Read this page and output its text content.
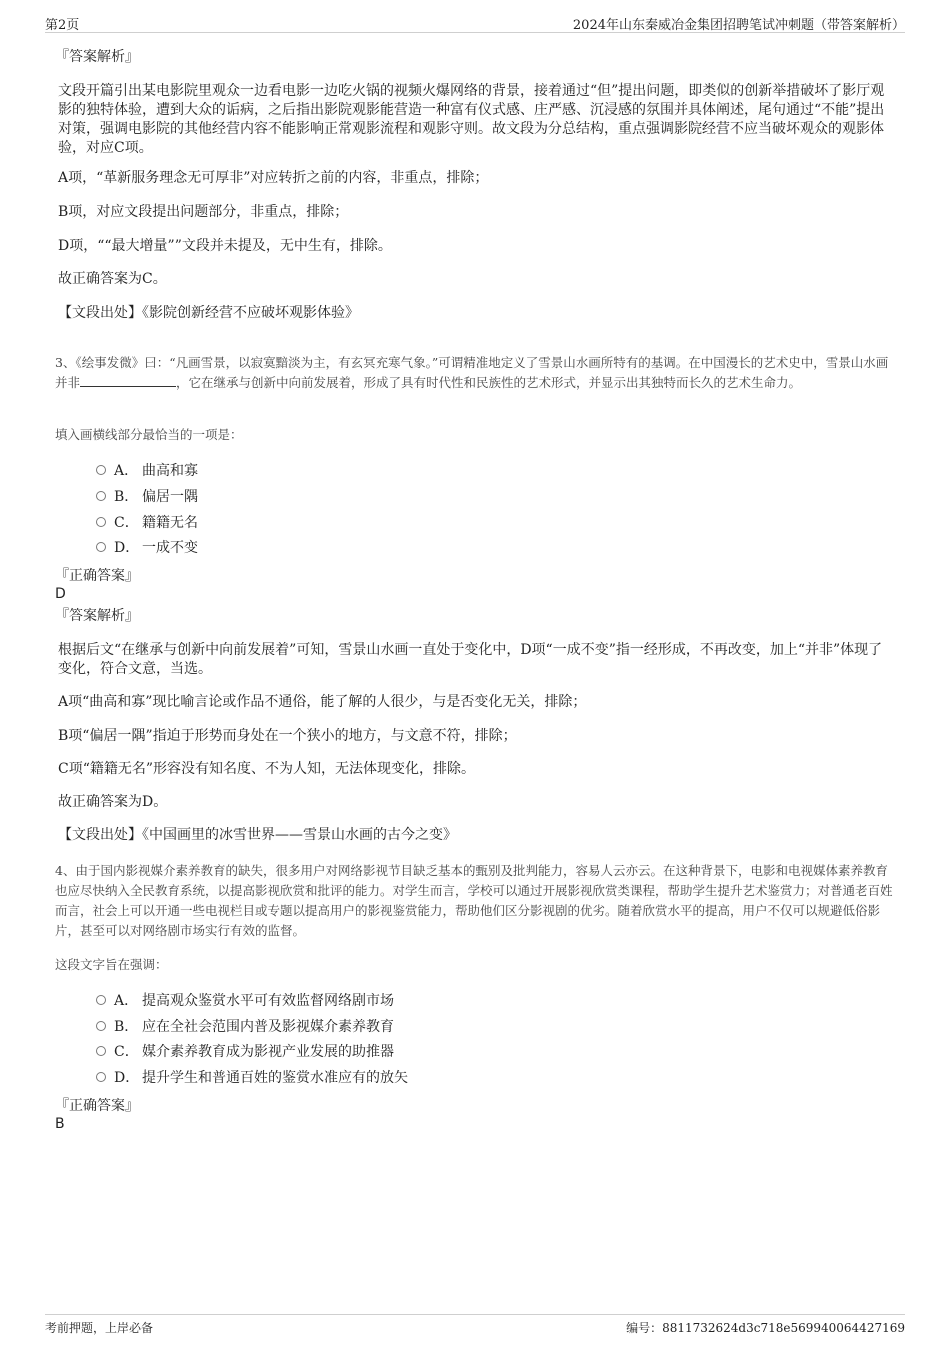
第2页	2024年山东秦威冶金集团招聘笔试冲刺题（带答案解析）
『答案解析』

文段开篇引出某电影院里观众一边看电影一边吃火锅的视频火爆网络的背景，接着通过“但”提出问题，即类似的创新举措破坏了影厅观影的独特体验，遭到大众的诟病，之后指出影院观影能营造一种富有仪式感、庄严感、沉浸感的氛围并具体阐述，尾句通过“不能”提出对策，强调电影院的其他经营内容不能影响正常观影流程和观影守则。故文段为分总结构，重点强调影院经营不应当破坏观众的观影体验，对应C项。

A项，“革新服务理念无可厚非”对应转折之前的内容，非重点，排除；

B项，对应文段提出问题部分，非重点，排除；

D项，““最大增量””文段并未提及，无中生有，排除。

故正确答案为C。

【文段出处】《影院创新经营不应破坏观影体验》

3、《绘事发微》曰：“凡画雪景，以寂寞黯淡为主，有玄冥充寒气象。”可谓精准地定义了雪景山水画所特有的基调。在中国漫长的艺术史中，雪景山水画并非	，它在继承与创新中向前发展着，形成了具有时代性和民族性的艺术形式，并显示出其独特而长久的艺术生命力。

填入画横线部分最恰当的一项是：

A． 曲高和寡
B． 偏居一隅
C． 籍籍无名
D． 一成不变
『正确答案』
D
『答案解析』

根据后文“在继承与创新中向前发展着”可知，雪景山水画一直处于变化中，D项“一成不变”指一经形成，不再改变，加上“并非”体现了变化，符合文意，当选。

A项“曲高和寡”现比喻言论或作品不通俗，能了解的人很少，与是否变化无关，排除；

B项“偏居一隅”指迫于形势而身处在一个狭小的地方，与文意不符，排除；

C项“籍籍无名”形容没有知名度、不为人知，无法体现变化，排除。

故正确答案为D。

【文段出处】《中国画里的冰雪世界——雪景山水画的古今之变》

4、由于国内影视媒介素养教育的缺失，很多用户对网络影视节目缺乏基本的甄别及批判能力，容易人云亦云。在这种背景下，电影和电视媒体素养教育也应尽快纳入全民教育系统，以提高影视欣赏和批评的能力。对学生而言，学校可以通过开展影视欣赏类课程，帮助学生提升艺术鉴赏力；对普通老百姓而言，社会上可以开通一些电视栏目或专题以提高用户的影视鉴赏能力，帮助他们区分影视剧的优劣。随着欣赏水平的提高，用户不仅可以规避低俗影片，甚至可以对网络剧市场实行有效的监督。

这段文字旨在强调：

A． 提高观众鉴赏水平可有效监督网络剧市场
B． 应在全社会范围内普及影视媒介素养教育
C． 媒介素养教育成为影视产业发展的助推器
D． 提升学生和普通百姓的鉴赏水准应有的放矢
『正确答案』
B
考前押题，上岸必备	编号：8811732624d3c718e569940064427169
